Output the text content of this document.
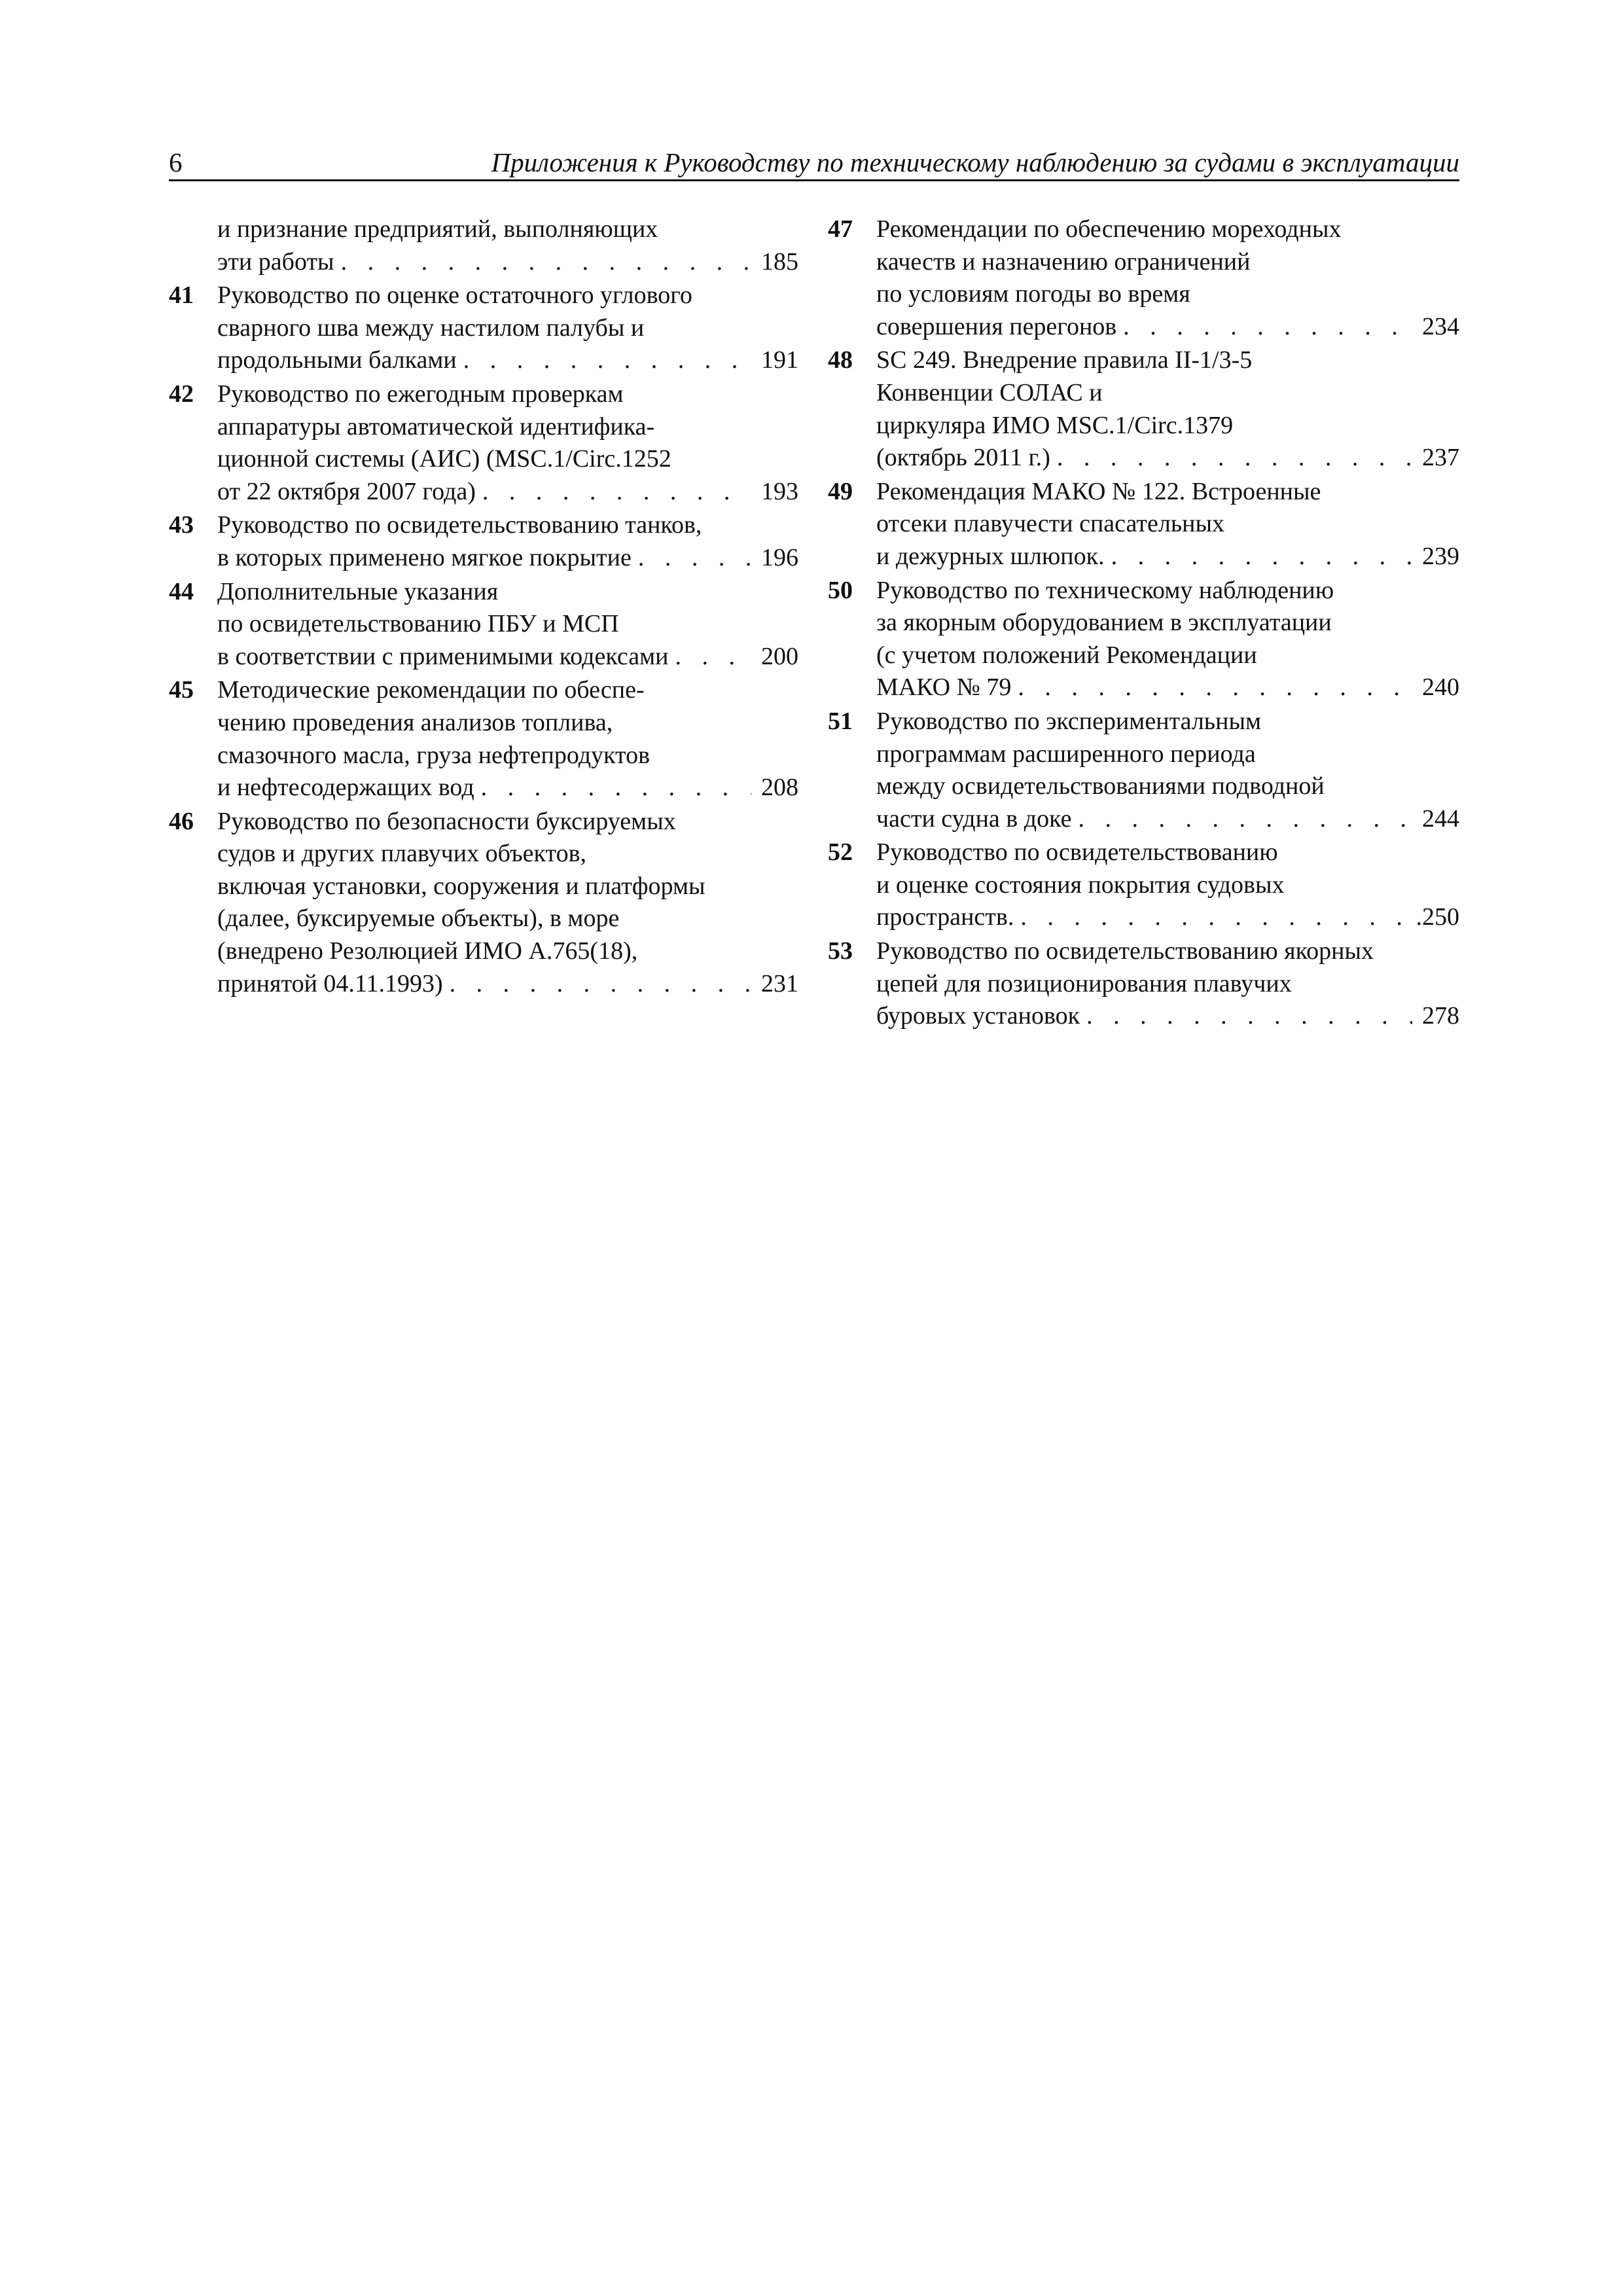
6	Приложения к Руководству по техническому наблюдению за судами в эксплуатации
и признание предприятий, выполняющих
эти работы . . .	185
41 Руководство по оценке остаточного углового
сварного шва между настилом палубы и
продольными балками . . .	191
42 Руководство по ежегодным проверкам
аппаратуры автоматической идентифика-
ционной системы (АИС) (MSC.1/Circ.1252
от 22 октября 2007 года) . . .	193
43 Руководство по освидетельствованию танков,
в которых применено мягкое покрытие . . .	196
44 Дополнительные указания
по освидетельствованию ПБУ и МСП
в соответствии с применимыми кодексами . . .	200
45 Методические рекомендации по обеспе-
чению проведения анализов топлива,
смазочного масла, груза нефтепродуктов
и нефтесодержащих вод . . .	208
46 Руководство по безопасности буксируемых
судов и других плавучих объектов,
включая установки, сооружения и платформы
(далее, буксируемые объекты), в море
(внедрено Резолюцией ИМО А.765(18),
принятой 04.11.1993) . . .	231
47 Рекомендации по обеспечению мореходных
качеств и назначению ограничений
по условиям погоды во время
совершения перегонов . . .	234
48 SC 249. Внедрение правила II-1/3-5
Конвенции СОЛАС и
циркуляра ИМО MSC.1/Circ.1379
(октябрь 2011 г.) . . .	237
49 Рекомендация МАКО № 122. Встроенные
отсеки плавучести спасательных
и дежурных шлюпок. . . .	239
50 Руководство по техническому наблюдению
за якорным оборудованием в эксплуатации
(с учетом положений Рекомендации
МАКО № 79 . . .	240
51 Руководство по экспериментальным
программам расширенного периода
между освидетельствованиями подводной
части судна в доке . . .	244
52 Руководство по освидетельствованию
и оценке состояния покрытия судовых
пространств. . . .	.250
53 Руководство по освидетельствованию якорных
цепей для позиционирования плавучих
буровых установок . . .	278
